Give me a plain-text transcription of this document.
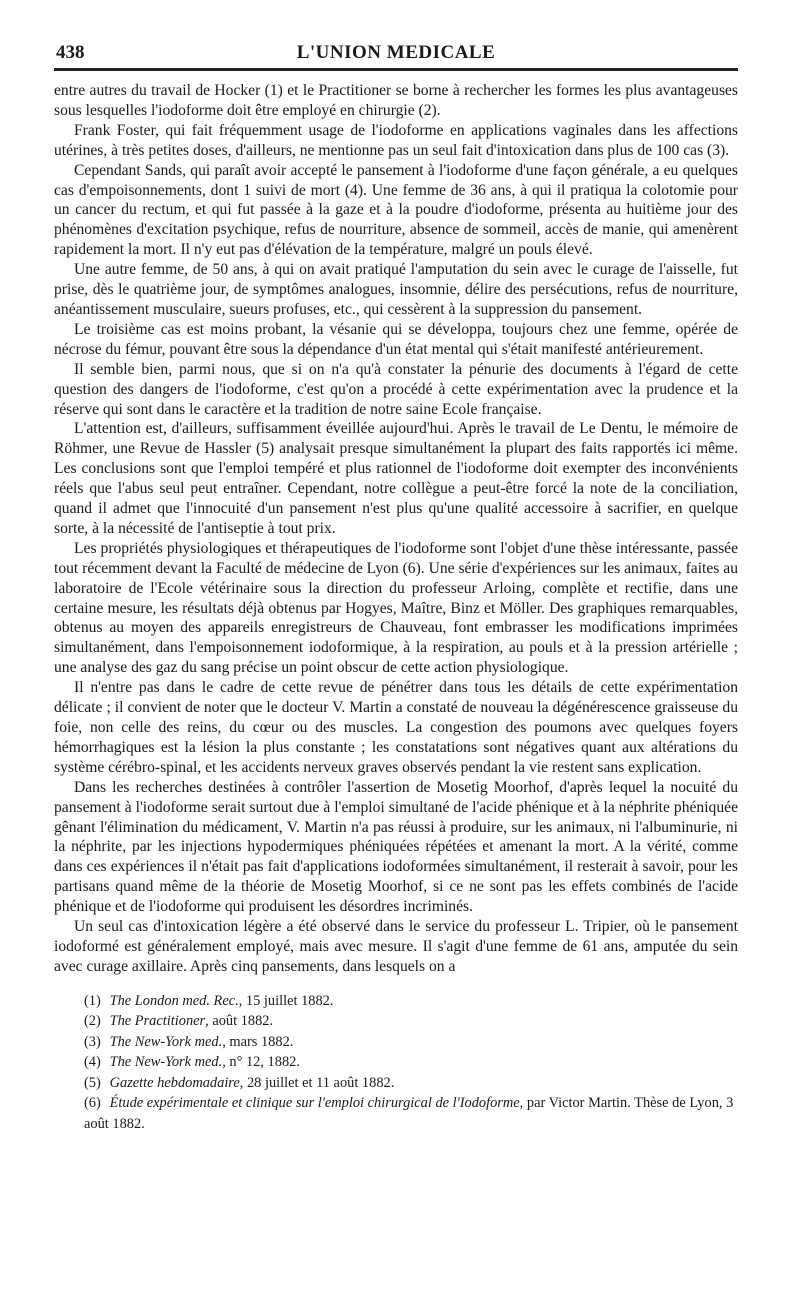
438	L'UNION MEDICALE

entre autres du travail de Hocker (1) et le Practitioner se borne à rechercher les formes les plus avantageuses sous lesquelles l'iodoforme doit être employé en chirurgie (2).

Frank Foster, qui fait fréquemment usage de l'iodoforme en applications vaginales dans les affections utérines, à très petites doses, d'ailleurs, ne mentionne pas un seul fait d'intoxication dans plus de 100 cas (3).

Cependant Sands, qui paraît avoir accepté le pansement à l'iodoforme d'une façon générale, a eu quelques cas d'empoisonnements, dont 1 suivi de mort (4). Une femme de 36 ans, à qui il pratiqua la colotomie pour un cancer du rectum, et qui fut passée à la gaze et à la poudre d'iodoforme, présenta au huitième jour des phénomènes d'excitation psychique, refus de nourriture, absence de sommeil, accès de manie, qui amenèrent rapidement la mort. Il n'y eut pas d'élévation de la température, malgré un pouls élevé.

Une autre femme, de 50 ans, à qui on avait pratiqué l'amputation du sein avec le curage de l'aisselle, fut prise, dès le quatrième jour, de symptômes analogues, insomnie, délire des persécutions, refus de nourriture, anéantissement musculaire, sueurs profuses, etc., qui cessèrent à la suppression du pansement.

Le troisième cas est moins probant, la vésanie qui se développa, toujours chez une femme, opérée de nécrose du fémur, pouvant être sous la dépendance d'un état mental qui s'était manifesté antérieurement.

Il semble bien, parmi nous, que si on n'a qu'à constater la pénurie des documents à l'égard de cette question des dangers de l'iodoforme, c'est qu'on a procédé à cette expérimentation avec la prudence et la réserve qui sont dans le caractère et la tradition de notre saine Ecole française.

L'attention est, d'ailleurs, suffisamment éveillée aujourd'hui. Après le travail de Le Dentu, le mémoire de Röhmer, une Revue de Hassler (5) analysait presque simultanément la plupart des faits rapportés ici même. Les conclusions sont que l'emploi tempéré et plus rationnel de l'iodoforme doit exempter des inconvénients réels que l'abus seul peut entraîner. Cependant, notre collègue a peut-être forcé la note de la conciliation, quand il admet que l'innocuité d'un pansement n'est plus qu'une qualité accessoire à sacrifier, en quelque sorte, à la nécessité de l'antiseptie à tout prix.

Les propriétés physiologiques et thérapeutiques de l'iodoforme sont l'objet d'une thèse intéressante, passée tout récemment devant la Faculté de médecine de Lyon (6). Une série d'expériences sur les animaux, faites au laboratoire de l'Ecole vétérinaire sous la direction du professeur Arloing, complète et rectifie, dans une certaine mesure, les résultats déjà obtenus par Hogyes, Maître, Binz et Möller. Des graphiques remarquables, obtenus au moyen des appareils enregistreurs de Chauveau, font embrasser les modifications imprimées simultanément, dans l'empoisonnement iodoformique, à la respiration, au pouls et à la pression artérielle ; une analyse des gaz du sang précise un point obscur de cette action physiologique.

Il n'entre pas dans le cadre de cette revue de pénétrer dans tous les détails de cette expérimentation délicate ; il convient de noter que le docteur V. Martin a constaté de nouveau la dégénérescence graisseuse du foie, non celle des reins, du cœur ou des muscles. La congestion des poumons avec quelques foyers hémorrhagiques est la lésion la plus constante ; les constatations sont négatives quant aux altérations du système cérébro-spinal, et les accidents nerveux graves observés pendant la vie restent sans explication.

Dans les recherches destinées à contrôler l'assertion de Mosetig Moorhof, d'après lequel la nocuité du pansement à l'iodoforme serait surtout due à l'emploi simultané de l'acide phénique et à la néphrite phéniquée gênant l'élimination du médicament, V. Martin n'a pas réussi à produire, sur les animaux, ni l'albuminurie, ni la néphrite, par les injections hypodermiques phéniquées répétées et amenant la mort. A la vérité, comme dans ces expériences il n'était pas fait d'applications iodoformées simultanément, il resterait à savoir, pour les partisans quand même de la théorie de Mosetig Moorhof, si ce ne sont pas les effets combinés de l'acide phénique et de l'iodoforme qui produisent les désordres incriminés.

Un seul cas d'intoxication légère a été observé dans le service du professeur L. Tripier, où le pansement iodoformé est généralement employé, mais avec mesure. Il s'agit d'une femme de 61 ans, amputée du sein avec curage axillaire. Après cinq pansements, dans lesquels on a

(1) The London med. Rec., 15 juillet 1882.

(2) The Practitioner, août 1882.

(3) The New-York med., mars 1882.

(4) The New-York med., n° 12, 1882.

(5) Gazette hebdomadaire, 28 juillet et 11 août 1882.

(6) Étude expérimentale et clinique sur l'emploi chirurgical de l'Iodoforme, par Victor Martin. Thèse de Lyon, 3 août 1882.
